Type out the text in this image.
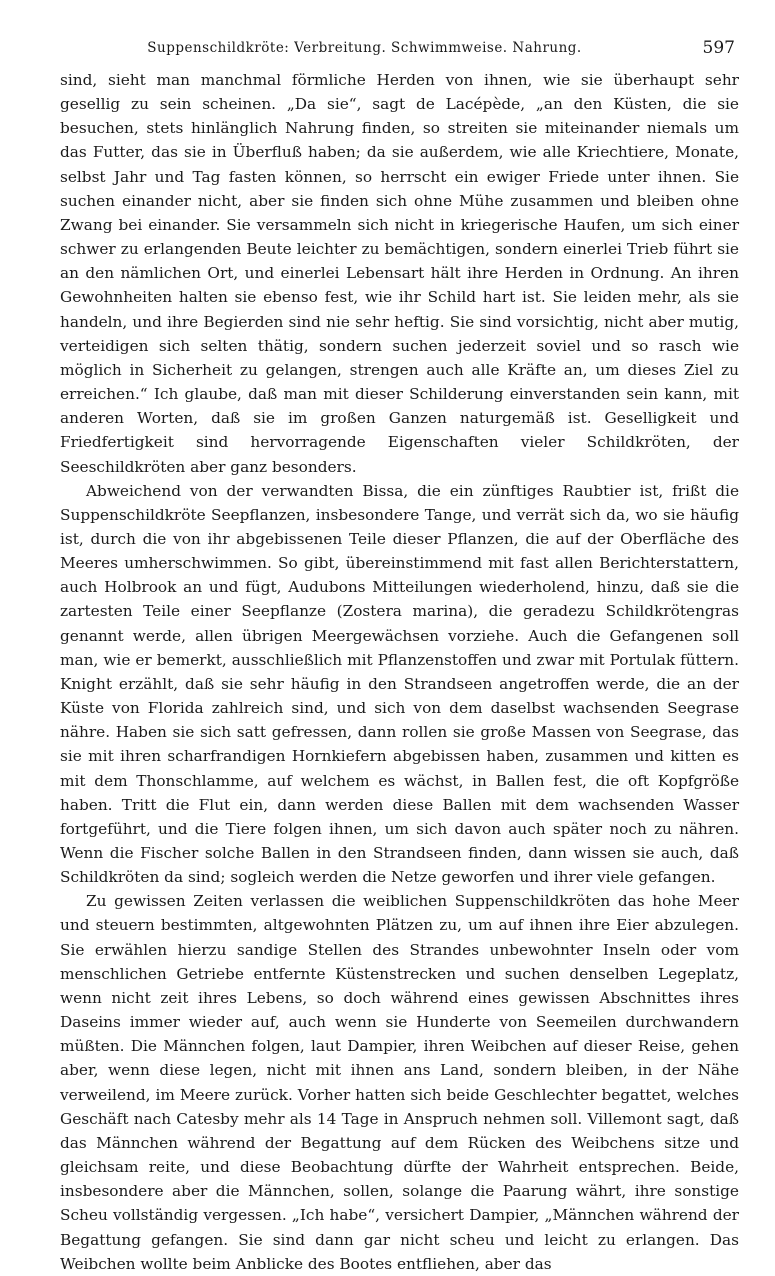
Suppenschildkröte: Verbreitung. Schwimmweise. Nahrung.	597

sind, sieht man manchmal förmliche Herden von ihnen, wie sie überhaupt sehr gesellig zu sein scheinen. „Da sie“, sagt de Lacépède, „an den Küsten, die sie besuchen, stets hinlänglich Nahrung finden, so streiten sie miteinander niemals um das Futter, das sie in Überfluß haben; da sie außerdem, wie alle Kriechtiere, Monate, selbst Jahr und Tag fasten können, so herrscht ein ewiger Friede unter ihnen. Sie suchen einander nicht, aber sie finden sich ohne Mühe zusammen und bleiben ohne Zwang bei einander. Sie versammeln sich nicht in kriegerische Haufen, um sich einer schwer zu erlangenden Beute leichter zu bemächtigen, sondern einerlei Trieb führt sie an den nämlichen Ort, und einerlei Lebensart hält ihre Herden in Ordnung. An ihren Gewohnheiten halten sie ebenso fest, wie ihr Schild hart ist. Sie leiden mehr, als sie handeln, und ihre Begierden sind nie sehr heftig. Sie sind vorsichtig, nicht aber mutig, verteidigen sich selten thätig, sondern suchen jederzeit soviel und so rasch wie möglich in Sicherheit zu gelangen, strengen auch alle Kräfte an, um dieses Ziel zu erreichen.“ Ich glaube, daß man mit dieser Schilderung einverstanden sein kann, mit anderen Worten, daß sie im großen Ganzen naturgemäß ist. Geselligkeit und Friedfertigkeit sind hervorragende Eigenschaften vieler Schildkröten, der Seeschildkröten aber ganz besonders.

Abweichend von der verwandten Bissa, die ein zünftiges Raubtier ist, frißt die Suppenschildkröte Seepflanzen, insbesondere Tange, und verrät sich da, wo sie häufig ist, durch die von ihr abgebissenen Teile dieser Pflanzen, die auf der Oberfläche des Meeres umherschwimmen. So gibt, übereinstimmend mit fast allen Berichterstattern, auch Holbrook an und fügt, Audubons Mitteilungen wiederholend, hinzu, daß sie die zartesten Teile einer Seepflanze (Zostera marina), die geradezu Schildkrötengras genannt werde, allen übrigen Meergewächsen vorziehe. Auch die Gefangenen soll man, wie er bemerkt, ausschließlich mit Pflanzenstoffen und zwar mit Portulak füttern. Knight erzählt, daß sie sehr häufig in den Strandseen angetroffen werde, die an der Küste von Florida zahlreich sind, und sich von dem daselbst wachsenden Seegrase nähre. Haben sie sich satt gefressen, dann rollen sie große Massen von Seegrase, das sie mit ihren scharfrandigen Hornkiefern abgebissen haben, zusammen und kitten es mit dem Thonschlamme, auf welchem es wächst, in Ballen fest, die oft Kopfgröße haben. Tritt die Flut ein, dann werden diese Ballen mit dem wachsenden Wasser fortgeführt, und die Tiere folgen ihnen, um sich davon auch später noch zu nähren. Wenn die Fischer solche Ballen in den Strandseen finden, dann wissen sie auch, daß Schildkröten da sind; sogleich werden die Netze geworfen und ihrer viele gefangen.

Zu gewissen Zeiten verlassen die weiblichen Suppenschildkröten das hohe Meer und steuern bestimmten, altgewohnten Plätzen zu, um auf ihnen ihre Eier abzulegen. Sie erwählen hierzu sandige Stellen des Strandes unbewohnter Inseln oder vom menschlichen Getriebe entfernte Küstenstrecken und suchen denselben Legeplatz, wenn nicht zeit ihres Lebens, so doch während eines gewissen Abschnittes ihres Daseins immer wieder auf, auch wenn sie Hunderte von Seemeilen durchwandern müßten. Die Männchen folgen, laut Dampier, ihren Weibchen auf dieser Reise, gehen aber, wenn diese legen, nicht mit ihnen ans Land, sondern bleiben, in der Nähe verweilend, im Meere zurück. Vorher hatten sich beide Geschlechter begattet, welches Geschäft nach Catesby mehr als 14 Tage in Anspruch nehmen soll. Villemont sagt, daß das Männchen während der Begattung auf dem Rücken des Weibchens sitze und gleichsam reite, und diese Beobachtung dürfte der Wahrheit entsprechen. Beide, insbesondere aber die Männchen, sollen, solange die Paarung währt, ihre sonstige Scheu vollständig vergessen. „Ich habe“, versichert Dampier, „Männchen während der Begattung gefangen. Sie sind dann gar nicht scheu und leicht zu erlangen. Das Weibchen wollte beim Anblicke des Bootes entfliehen, aber das
